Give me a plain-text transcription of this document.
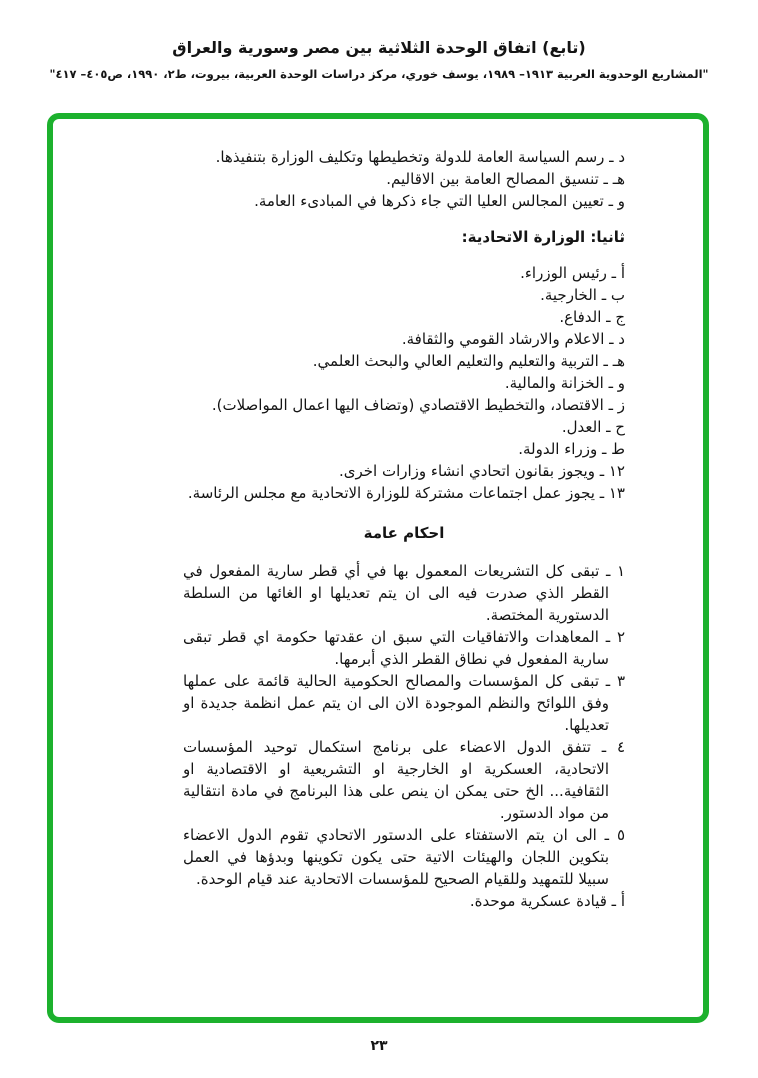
(تابع) اتفاق الوحدة الثلاثية بين مصر وسورية والعراق
"المشاريع الوحدوية العربية ١٩١٣– ١٩٨٩، يوسف خوري، مركز دراسات الوحدة العربية، بيروت، ط٢، ١٩٩٠، ص٤٠٥– ٤١٧"

د ـ رسم السياسة العامة للدولة وتخطيطها وتكليف الوزارة بتنفيذها.

هـ ـ تنسيق المصالح العامة بين الاقاليم.

و ـ تعيين المجالس العليا التي جاء ذكرها في المبادىء العامة.

ثانيا: الوزارة الاتحادية:

أ ـ رئيس الوزراء.

ب ـ الخارجية.

ج ـ الدفاع.

د ـ الاعلام والارشاد القومي والثقافة.

هـ ـ التربية والتعليم والتعليم العالي والبحث العلمي.

و ـ الخزانة والمالية.

ز ـ الاقتصاد، والتخطيط الاقتصادي (وتضاف اليها اعمال المواصلات).

ح ـ العدل.

ط ـ وزراء الدولة.

١٢ ـ ويجوز بقانون اتحادي انشاء وزارات اخرى.

١٣ ـ يجوز عمل اجتماعات مشتركة للوزارة الاتحادية مع مجلس الرئاسة.

احكام عامة

١ ـ تبقى كل التشريعات المعمول بها في أي قطر سارية المفعول في القطر الذي صدرت فيه الى ان يتم تعديلها او الغائها من السلطة الدستورية المختصة.

٢ ـ المعاهدات والاتفاقيات التي سبق ان عقدتها حكومة اي قطر تبقى سارية المفعول في نطاق القطر الذي أبرمها.

٣ ـ تبقى كل المؤسسات والمصالح الحكومية الحالية قائمة على عملها وفق اللوائح والنظم الموجودة الان الى ان يتم عمل انظمة جديدة او تعديلها.

٤ ـ تتفق الدول الاعضاء على برنامج استكمال توحيد المؤسسات الاتحادية، العسكرية او الخارجية او التشريعية او الاقتصادية او الثقافية... الخ حتى يمكن ان ينص على هذا البرنامج في مادة انتقالية من مواد الدستور.

٥ ـ الى ان يتم الاستفتاء على الدستور الاتحادي تقوم الدول الاعضاء بتكوين اللجان والهيئات الاتية حتى يكون تكوينها وبدؤها في العمل سبيلا للتمهيد وللقيام الصحيح للمؤسسات الاتحادية عند قيام الوحدة.

أ ـ قيادة عسكرية موحدة.

٢٣
